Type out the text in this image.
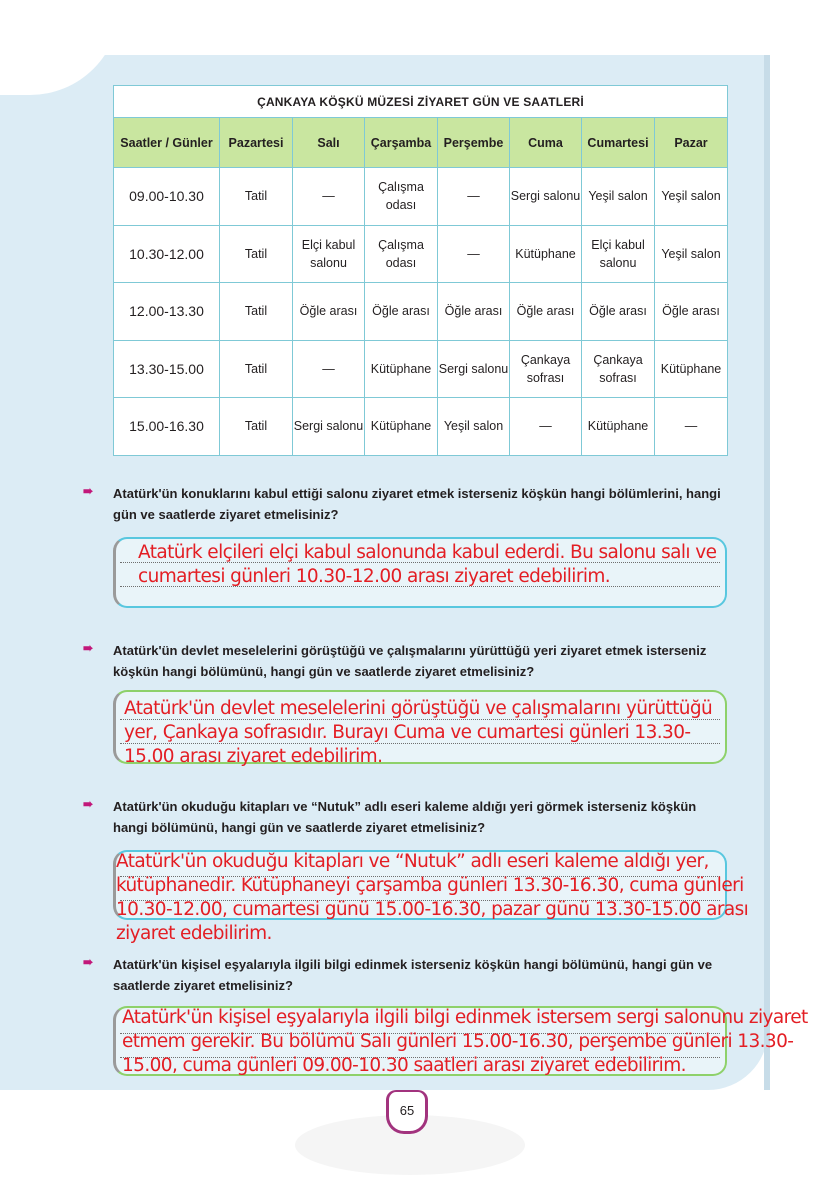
ÇANKAYA KÖŞKÜ MÜZESİ ZİYARET GÜN VE SAATLERİ
Saatler / Günler	Pazartesi	Salı	Çarşamba	Perşembe	Cuma	Cumartesi	Pazar
09.00-10.30	Tatil	—	Çalışma odası	—	Sergi salonu	Yeşil salon	Yeşil salon
10.30-12.00	Tatil	Elçi kabul salonu	Çalışma odası	—	Kütüphane	Elçi kabul salonu	Yeşil salon
12.00-13.30	Tatil	Öğle arası	Öğle arası	Öğle arası	Öğle arası	Öğle arası	Öğle arası
13.30-15.00	Tatil	—	Kütüphane	Sergi salonu	Çankaya sofrası	Çankaya sofrası	Kütüphane
15.00-16.30	Tatil	Sergi salonu	Kütüphane	Yeşil salon	—	Kütüphane	—
➠	Atatürk'ün konuklarını kabul ettiği salonu ziyaret etmek isterseniz köşkün hangi bölümlerini, hangi gün ve saatlerde ziyaret etmelisiniz?

Atatürk elçileri elçi kabul salonunda kabul ederdi. Bu salonu salı ve cumartesi günleri 10.30-12.00 arası ziyaret edebilirim.

➠	Atatürk'ün devlet meselelerini görüştüğü ve çalışmalarını yürüttüğü yeri ziyaret etmek isterseniz köşkün hangi bölümünü, hangi gün ve saatlerde ziyaret etmelisiniz?

Atatürk'ün devlet meselelerini görüştüğü ve çalışmalarını yürüttüğü yer, Çankaya sofrasıdır. Burayı Cuma ve cumartesi günleri 13.30-15.00 arası ziyaret edebilirim.

➠	Atatürk'ün okuduğu kitapları ve “Nutuk” adlı eseri kaleme aldığı yeri görmek isterseniz köşkün hangi bölümünü, hangi gün ve saatlerde ziyaret etmelisiniz?

Atatürk'ün okuduğu kitapları ve “Nutuk” adlı eseri kaleme aldığı yer, kütüphanedir. Kütüphaneyi çarşamba günleri 13.30-16.30, cuma günleri 10.30-12.00, cumartesi günü 15.00-16.30, pazar günü 13.30-15.00 arası ziyaret edebilirim.

➠	Atatürk'ün kişisel eşyalarıyla ilgili bilgi edinmek isterseniz köşkün hangi bölümünü, hangi gün ve saatlerde ziyaret etmelisiniz?

Atatürk'ün kişisel eşyalarıyla ilgili bilgi edinmek istersem sergi salonunu ziyaret etmem gerekir. Bu bölümü Salı günleri 15.00-16.30, perşembe günleri 13.30-15.00, cuma günleri 09.00-10.30 saatleri arası ziyaret edebilirim.

65
